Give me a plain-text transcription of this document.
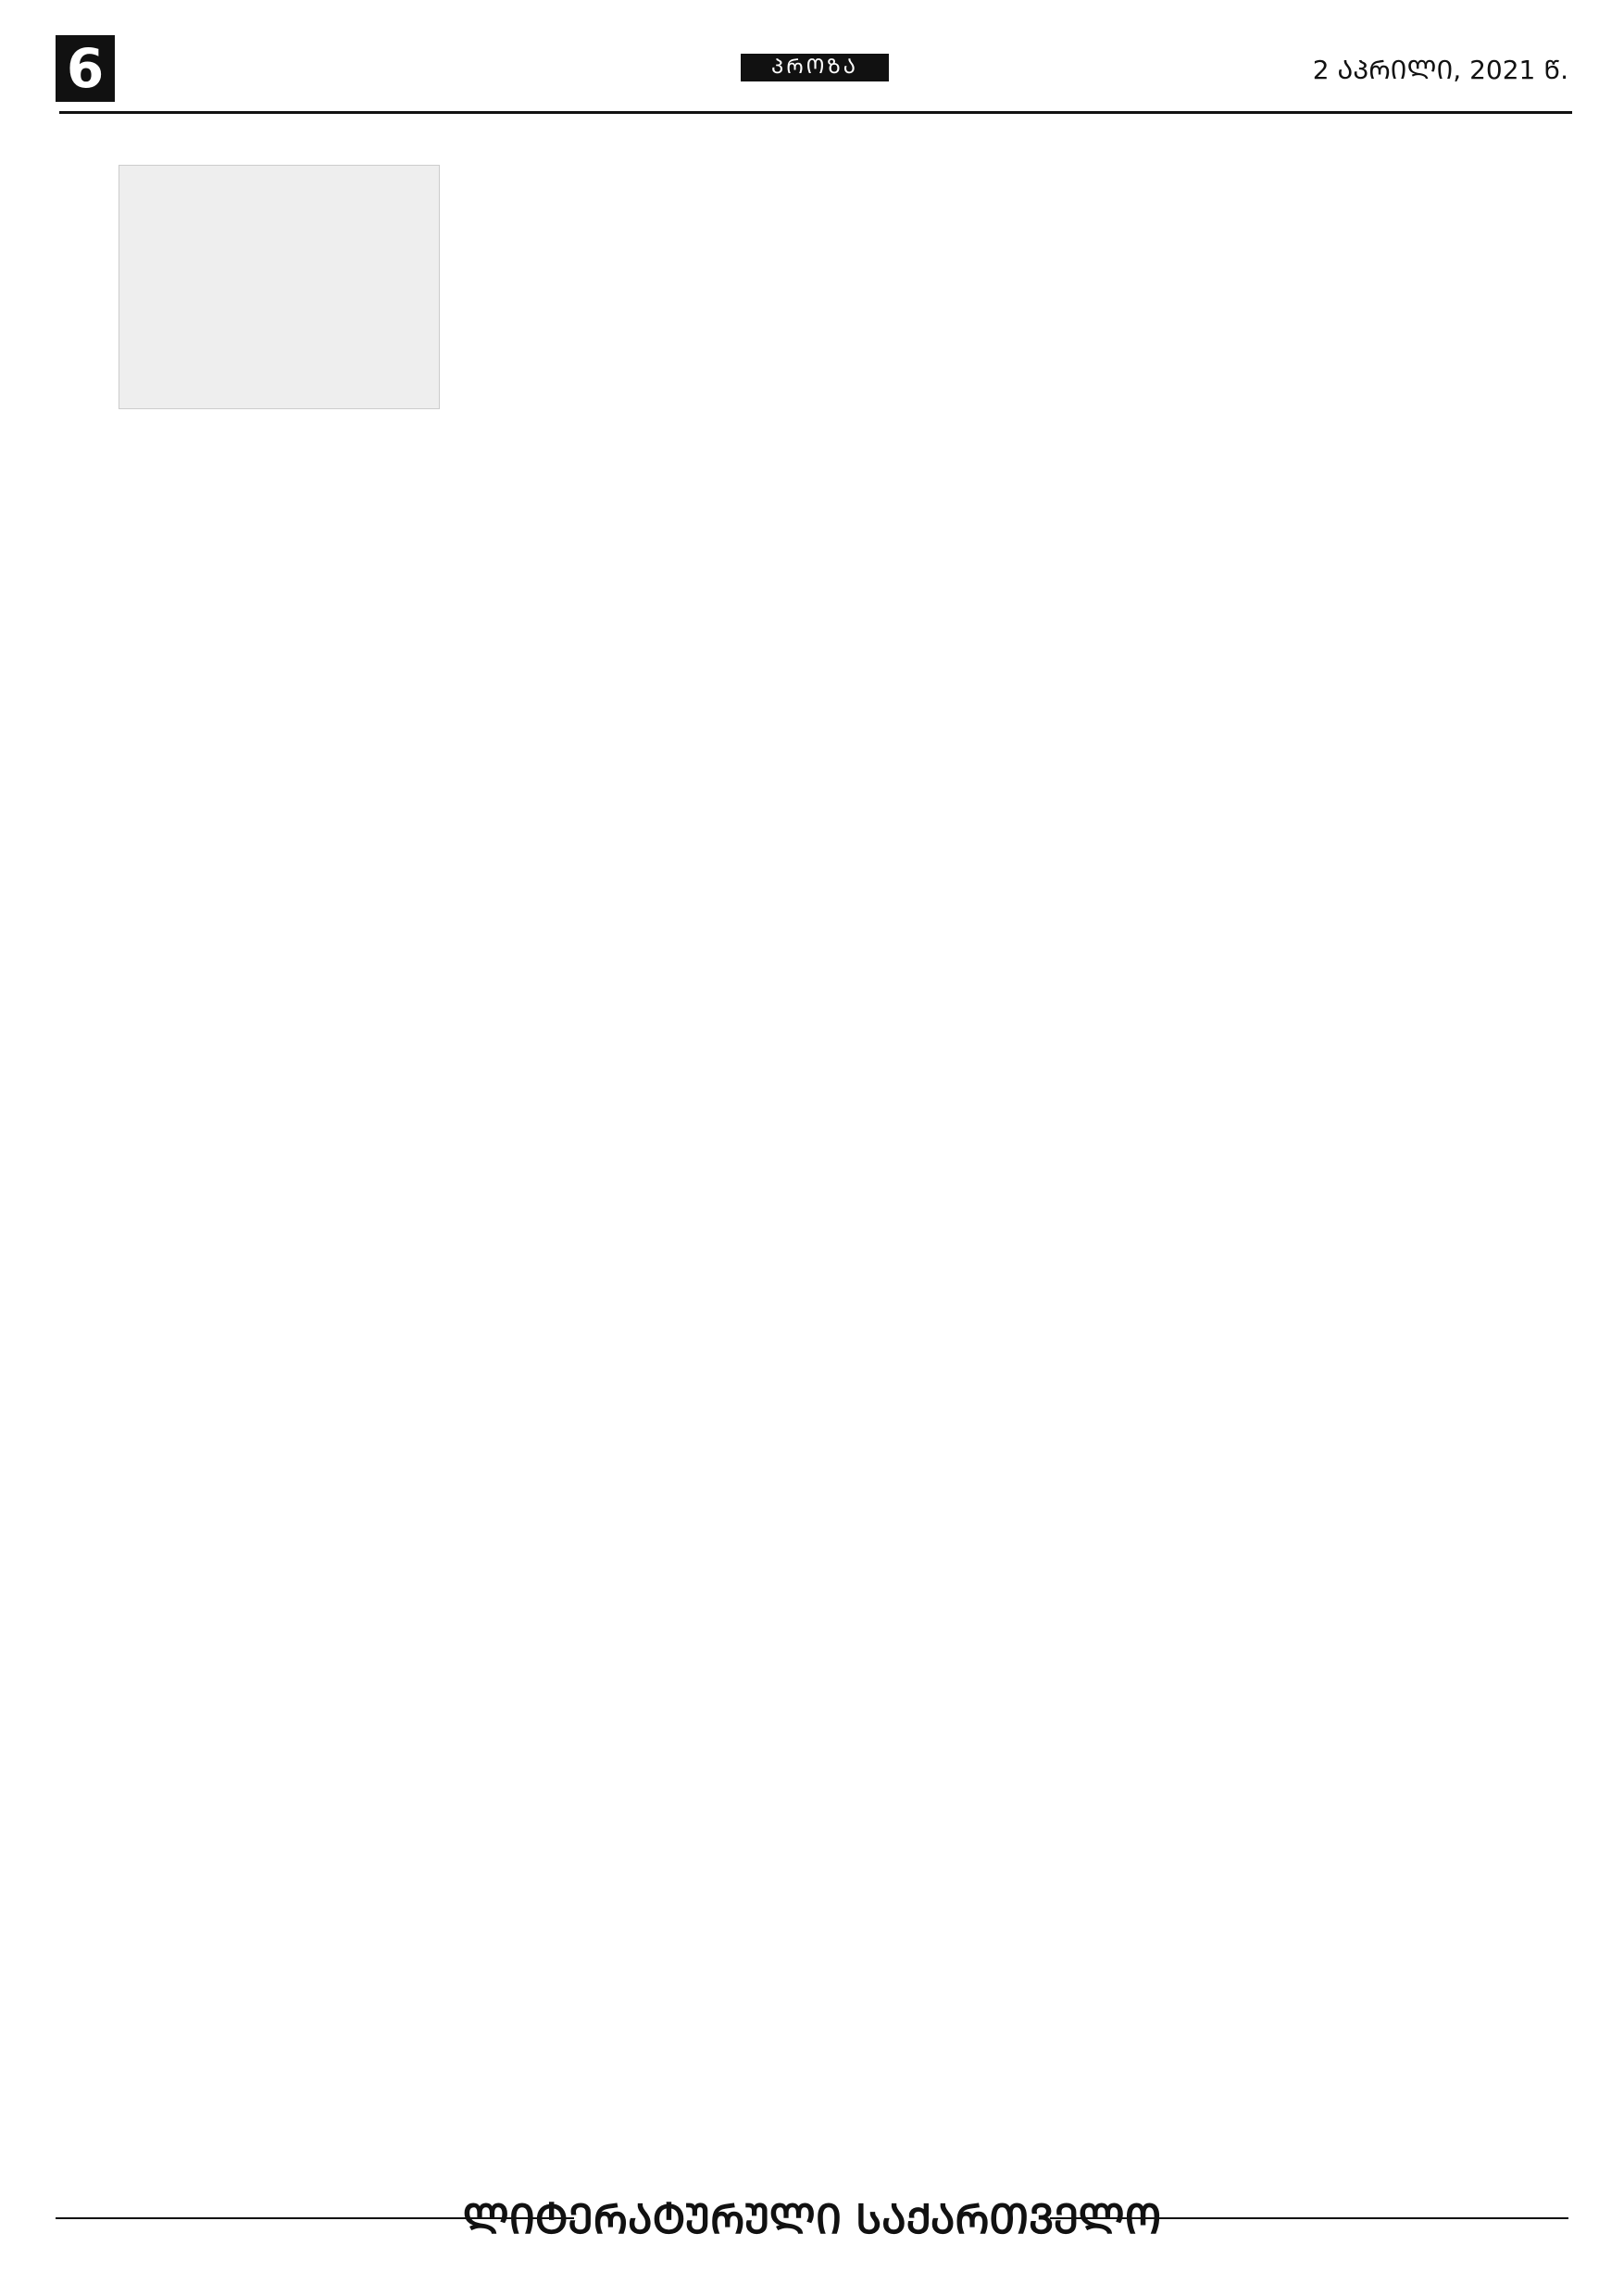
6	ᲞᲠᲝᲖᲐ	2 ᲐᲞᲠᲘᲚᲘ, 2021 Წ.
ᲚᲘᲢᲔᲠᲐᲢᲣᲠᲣᲚᲘ ᲡᲐᲥᲐᲠᲗᲕᲔᲚᲝ
